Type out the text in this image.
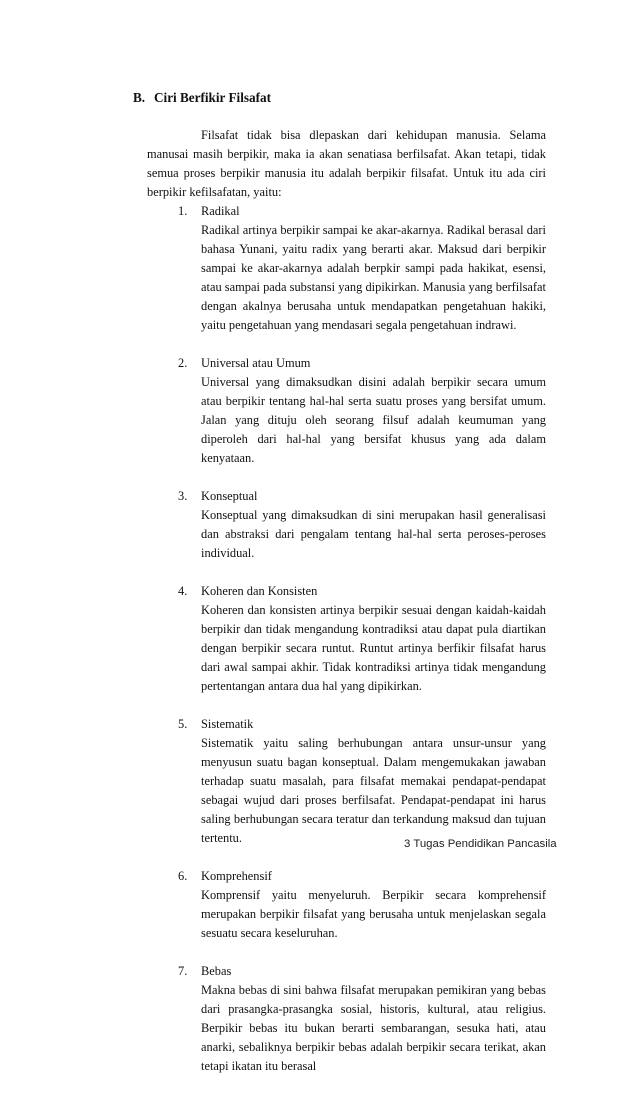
B. Ciri Berfikir Filsafat

Filsafat tidak bisa dlepaskan dari kehidupan manusia. Selama manusai masih berpikir, maka ia akan senatiasa berfilsafat. Akan tetapi, tidak semua proses berpikir manusia itu adalah berpikir filsafat. Untuk itu ada ciri berpikir kefilsafatan, yaitu:

1. Radikal
Radikal artinya berpikir sampai ke akar-akarnya. Radikal berasal dari bahasa Yunani, yaitu radix yang berarti akar. Maksud dari berpikir sampai ke akar-akarnya adalah berpkir sampi pada hakikat, esensi, atau sampai pada substansi yang dipikirkan. Manusia yang berfilsafat dengan akalnya berusaha untuk mendapatkan pengetahuan hakiki, yaitu pengetahuan yang mendasari segala pengetahuan indrawi.
2. Universal atau Umum
Universal yang dimaksudkan disini adalah berpikir secara umum atau berpikir tentang hal-hal serta suatu proses yang bersifat umum. Jalan yang dituju oleh seorang filsuf adalah keumuman yang diperoleh dari hal-hal yang bersifat khusus yang ada dalam kenyataan.
3. Konseptual
Konseptual yang dimaksudkan di sini merupakan hasil generalisasi dan abstraksi dari pengalam tentang hal-hal serta peroses-peroses individual.
4. Koheren dan Konsisten
Koheren dan konsisten artinya berpikir sesuai dengan kaidah-kaidah berpikir dan tidak mengandung kontradiksi atau dapat pula diartikan dengan berpikir secara runtut. Runtut artinya berfikir filsafat harus dari awal sampai akhir. Tidak kontradiksi artinya tidak mengandung pertentangan antara dua hal yang dipikirkan.
5. Sistematik
Sistematik yaitu saling berhubungan antara unsur-unsur yang menyusun suatu bagan konseptual. Dalam mengemukakan jawaban terhadap suatu masalah, para filsafat memakai pendapat-pendapat sebagai wujud dari proses berfilsafat. Pendapat-pendapat ini harus saling berhubungan secara teratur dan terkandung maksud dan tujuan tertentu.
6. Komprehensif
Komprensif yaitu menyeluruh. Berpikir secara komprehensif merupakan berpikir filsafat yang berusaha untuk menjelaskan segala sesuatu secara keseluruhan.
7. Bebas
Makna bebas di sini bahwa filsafat merupakan pemikiran yang bebas dari prasangka-prasangka sosial, historis, kultural, atau religius. Berpikir bebas itu bukan berarti sembarangan, sesuka hati, atau anarki, sebaliknya berpikir bebas adalah berpikir secara terikat, akan tetapi ikatan itu berasal
3 Tugas Pendidikan Pancasila
